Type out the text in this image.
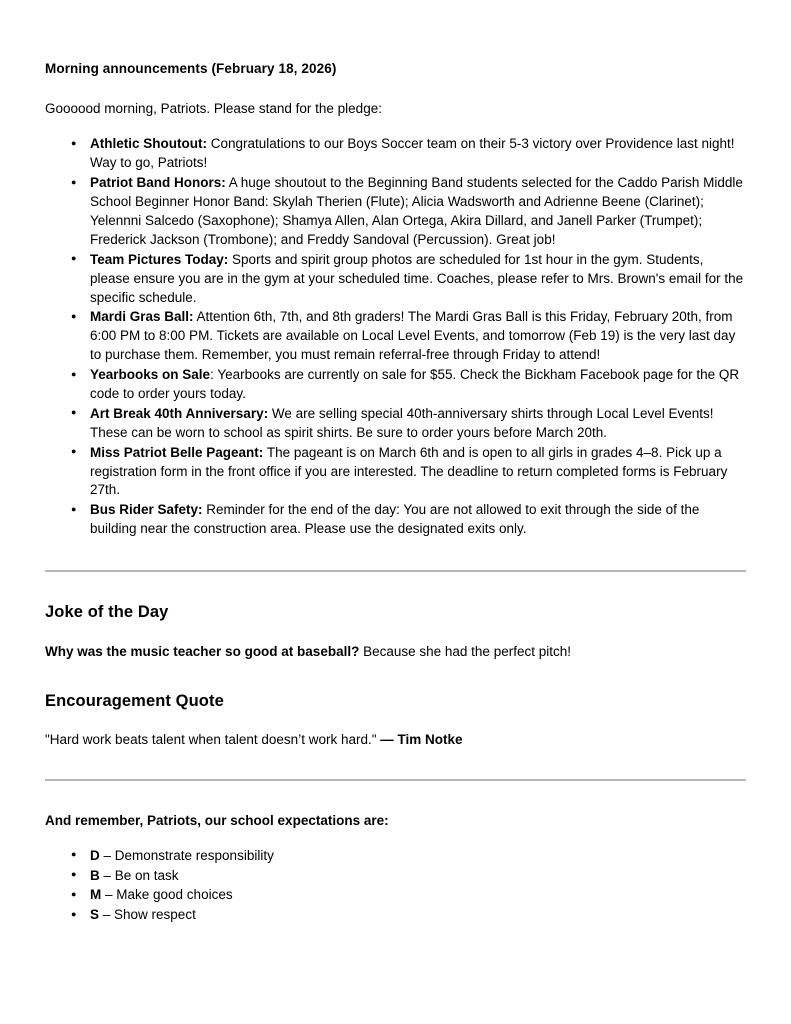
Morning announcements (February 18, 2026)

Goooood morning, Patriots. Please stand for the pledge:

● Athletic Shoutout: Congratulations to our Boys Soccer team on their 5-3 victory over Providence last night! Way to go, Patriots!
● Patriot Band Honors: A huge shoutout to the Beginning Band students selected for the Caddo Parish Middle School Beginner Honor Band: Skylah Therien (Flute); Alicia Wadsworth and Adrienne Beene (Clarinet); Yelennni Salcedo (Saxophone); Shamya Allen, Alan Ortega, Akira Dillard, and Janell Parker (Trumpet); Frederick Jackson (Trombone); and Freddy Sandoval (Percussion). Great job!
● Team Pictures Today: Sports and spirit group photos are scheduled for 1st hour in the gym. Students, please ensure you are in the gym at your scheduled time. Coaches, please refer to Mrs. Brown's email for the specific schedule.
● Mardi Gras Ball: Attention 6th, 7th, and 8th graders! The Mardi Gras Ball is this Friday, February 20th, from 6:00 PM to 8:00 PM. Tickets are available on Local Level Events, and tomorrow (Feb 19) is the very last day to purchase them. Remember, you must remain referral-free through Friday to attend!
● Yearbooks on Sale: Yearbooks are currently on sale for $55. Check the Bickham Facebook page for the QR code to order yours today.
● Art Break 40th Anniversary: We are selling special 40th-anniversary shirts through Local Level Events! These can be worn to school as spirit shirts. Be sure to order yours before March 20th.
● Miss Patriot Belle Pageant: The pageant is on March 6th and is open to all girls in grades 4–8. Pick up a registration form in the front office if you are interested. The deadline to return completed forms is February 27th.
● Bus Rider Safety: Reminder for the end of the day: You are not allowed to exit through the side of the building near the construction area. Please use the designated exits only.
Joke of the Day

Why was the music teacher so good at baseball? Because she had the perfect pitch!

Encouragement Quote

"Hard work beats talent when talent doesn’t work hard." — Tim Notke

And remember, Patriots, our school expectations are:

● D – Demonstrate responsibility
● B – Be on task
● M – Make good choices
● S – Show respect
